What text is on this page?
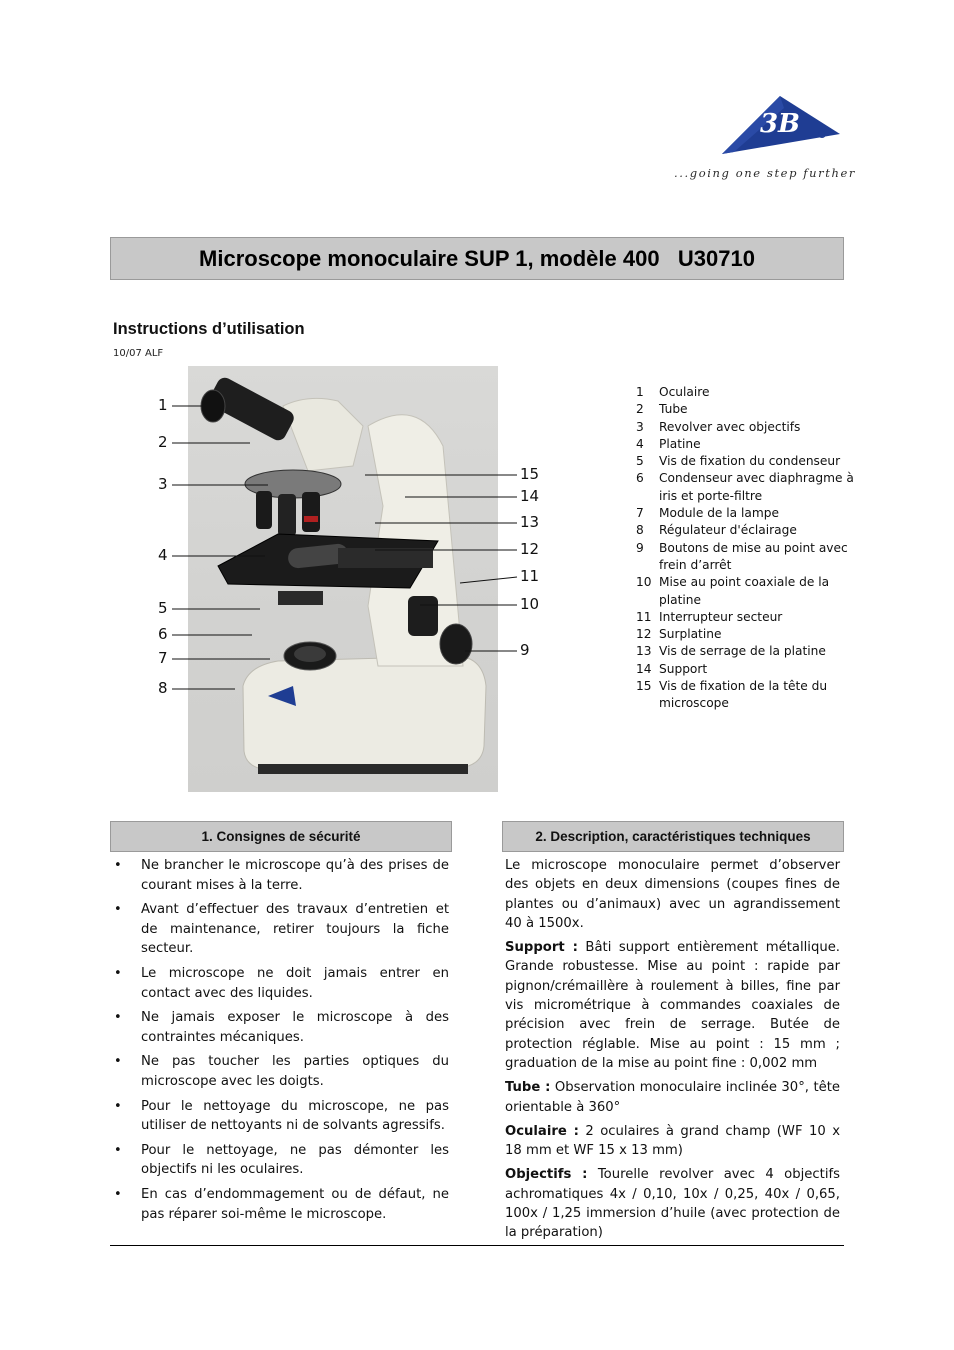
3B
...going one step further
Microscope monoculaire SUP 1, modèle 400   U30710
Instructions d’utilisation
10/07 ALF
1
2
3
4
5
6
7
8
15
14
13
12
11
10
9
1	Oculaire
2	Tube
3	Revolver avec objectifs
4	Platine
5	Vis de fixation du condenseur
6	Condenseur avec diaphragme à iris et porte-filtre
7	Module de la lampe
8	Régulateur d'éclairage
9	Boutons de mise au point avec frein d’arrêt
10 Mise au point coaxiale de la platine
11 Interrupteur secteur
12 Surplatine
13 Vis de serrage de la platine
14 Support
15 Vis de fixation de la tête du microscope
1. Consignes de sécurité
• Ne brancher le microscope qu’à des prises de courant mises à la terre.
• Avant d’effectuer des travaux d’entretien et de maintenance, retirer toujours la fiche secteur.
• Le microscope ne doit jamais entrer en contact avec des liquides.
• Ne jamais exposer le microscope à des contraintes mécaniques.
• Ne pas toucher les parties optiques du microscope avec les doigts.
• Pour le nettoyage du microscope, ne pas utiliser de nettoyants ni de solvants agressifs.
• Pour le nettoyage, ne pas démonter les objectifs ni les oculaires.
• En cas d’endommagement ou de défaut, ne pas réparer soi-même le microscope.
2. Description, caractéristiques techniques

Le microscope monoculaire permet d’observer des objets en deux dimensions (coupes fines de plantes ou d’animaux) avec un agrandissement 40 à 1500x.

Support : Bâti support entièrement métallique. Grande robustesse. Mise au point : rapide par pignon/crémaillère à roulement à billes, fine par vis micrométrique à commandes coaxiales de précision avec frein de serrage. Butée de protection réglable. Mise au point : 15 mm ; graduation de la mise au point fine : 0,002 mm

Tube : Observation monoculaire inclinée 30°, tête orientable à 360°

Oculaire : 2 oculaires à grand champ (WF 10 x 18 mm et WF 15 x 13 mm)

Objectifs : Tourelle revolver avec 4 objectifs achromatiques 4x / 0,10, 10x / 0,25, 40x / 0,65, 100x / 1,25 immersion d’huile (avec protection de la préparation)
